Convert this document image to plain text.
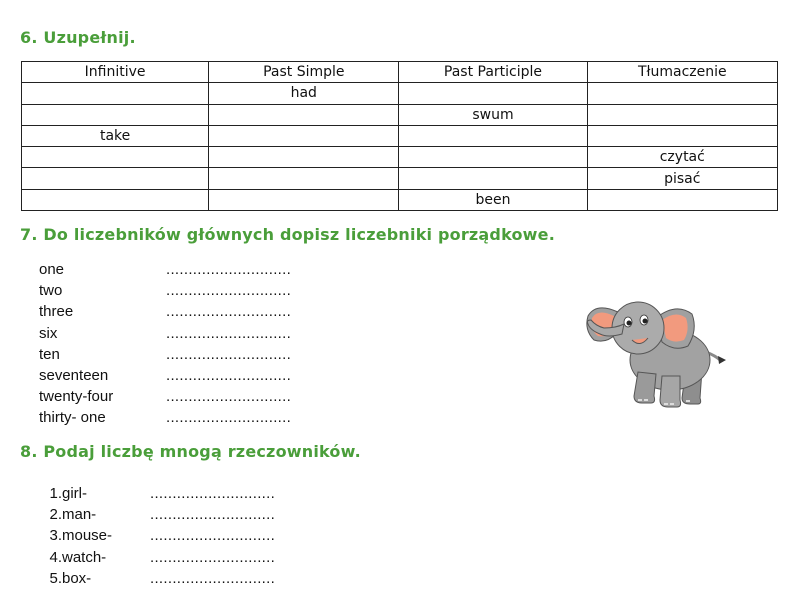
6. Uzupełnij.
Infinitive	Past Simple	Past Participle	Tłumaczenie
	had		
		swum	
take			
			czytać
			pisać
		been	
7. Do liczebników głównych dopisz liczebniki porządkowe.
one	............................
two	............................
three	............................
six	............................
ten	............................
seventeen	............................
twenty-four	............................
thirty- one	............................
8. Podaj liczbę mnogą rzeczowników.
1. girl-	............................
2. man-	............................
3. mouse-	............................
4. watch-	............................
5. box-	............................
